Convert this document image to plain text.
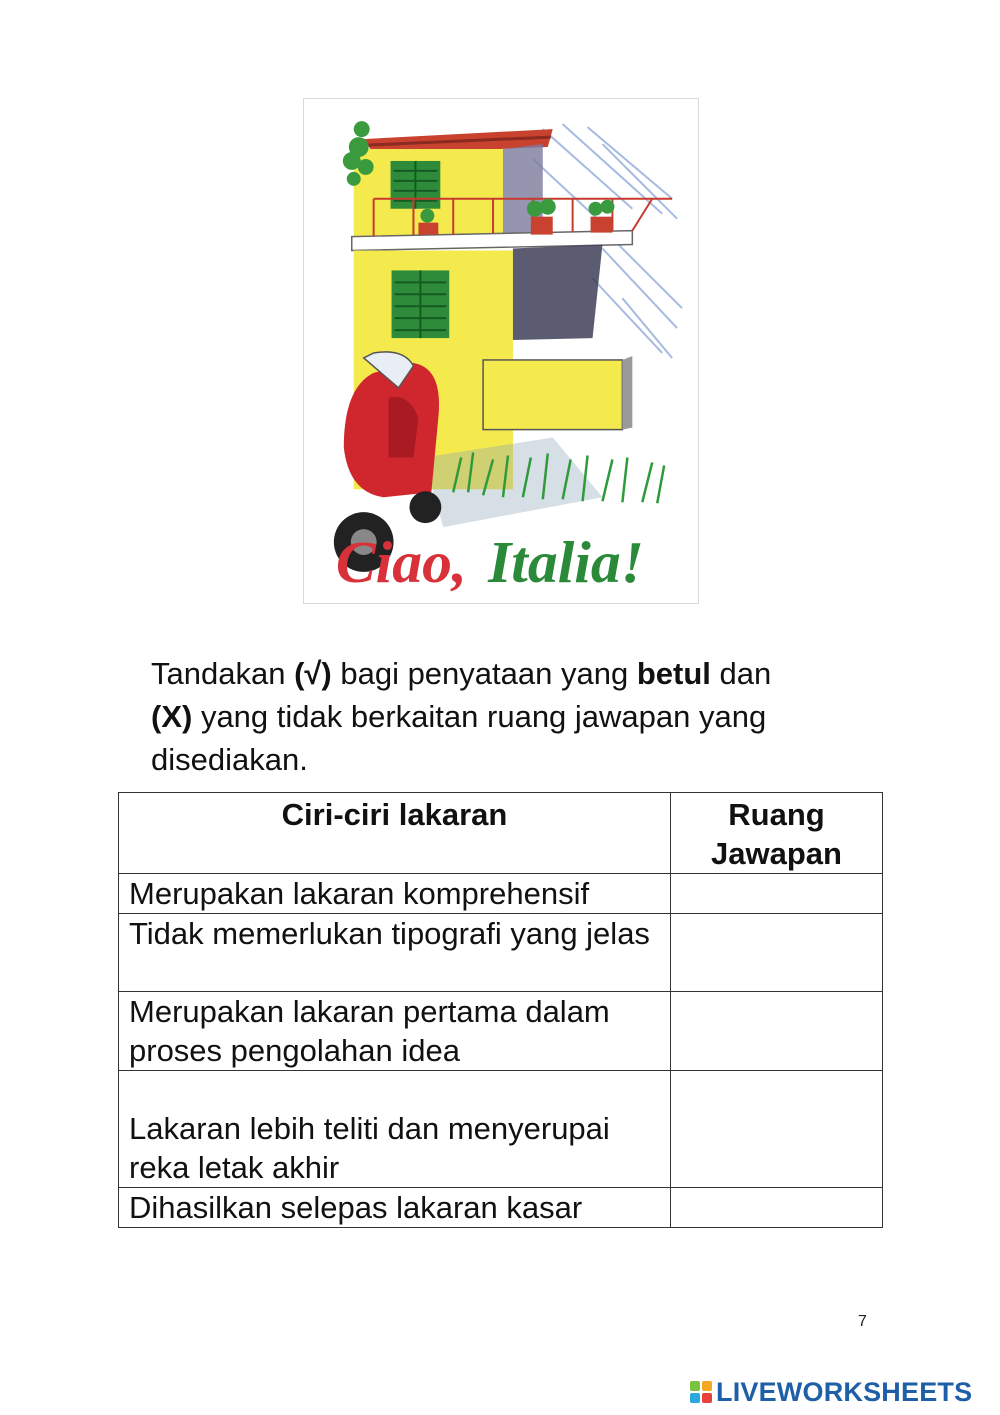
Ciao, Italia!
Tandakan (√) bagi penyataan yang betul dan
(X) yang tidak berkaitan ruang jawapan yang disediakan.
Ciri-ciri lakaran	Ruang Jawapan
Merupakan lakaran komprehensif	
Tidak memerlukan tipografi yang jelas	
Merupakan lakaran pertama dalam proses pengolahan idea	
Lakaran lebih teliti dan menyerupai reka letak akhir	
Dihasilkan selepas lakaran kasar	
7
LIVEWORKSHEETS
